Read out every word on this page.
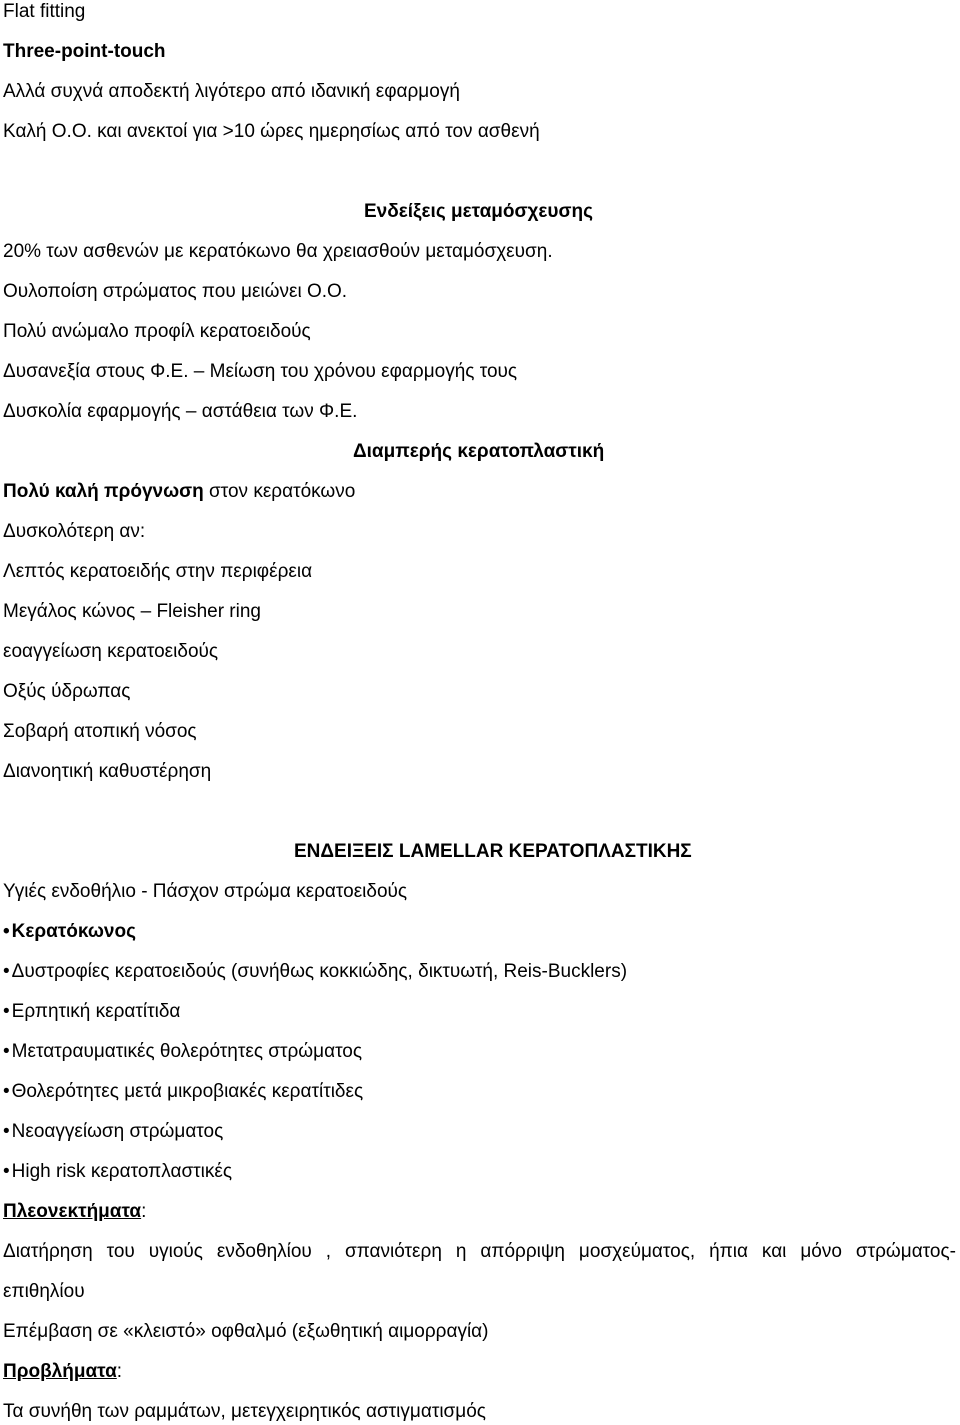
Flat fitting
Three-point-touch
Αλλά συχνά αποδεκτή λιγότερο από ιδανική εφαρμογή
Καλή Ο.Ο. και ανεκτοί για >10 ώρες ημερησίως από τον ασθενή
Ενδείξεις μεταμόσχευσης
20% των ασθενών με κερατόκωνο θα χρειασθούν μεταμόσχευση.
Ουλοποίση στρώματος που μειώνει Ο.Ο.
Πολύ ανώμαλο προφίλ κερατοειδούς
Δυσανεξία στους Φ.Ε. – Μείωση του χρόνου εφαρμογής τους
Δυσκολία εφαρμογής – αστάθεια των Φ.Ε.
Διαμπερής κερατοπλαστική
Πολύ καλή πρόγνωση στον κερατόκωνο
Δυσκολότερη αν:
Λεπτός κερατοειδής στην περιφέρεια
Μεγάλος κώνος – Fleisher ring
εοαγγείωση κερατοειδούς
Οξύς ύδρωπας
Σοβαρή ατοπική νόσος
Διανοητική καθυστέρηση
ΕΝΔΕΙΞΕΙΣ LAMELLAR ΚΕΡΑΤΟΠΛΑΣΤΙΚΗΣ
Υγιές ενδοθήλιο - Πάσχον στρώμα κερατοειδούς
• Κερατόκωνος
• Δυστροφίες κερατοειδούς (συνήθως κοκκιώδης, δικτυωτή, Reis-Bucklers)
• Ερπητική κερατίτιδα
• Μετατραυματικές θολερότητες στρώματος
• Θολερότητες μετά μικροβιακές κερατίτιδες
• Νεοαγγείωση στρώματος
• High risk κερατοπλαστικές
Πλεονεκτήματα:
Διατήρηση του υγιούς ενδοθηλίου , σπανιότερη η απόρριψη μοσχεύματος, ήπια και μόνο στρώματος-
επιθηλίου
Επέμβαση σε «κλειστό» οφθαλμό (εξωθητική αιμορραγία)
Προβλήματα:
Τα συνήθη των ραμμάτων, μετεγχειρητικός αστιγματισμός
